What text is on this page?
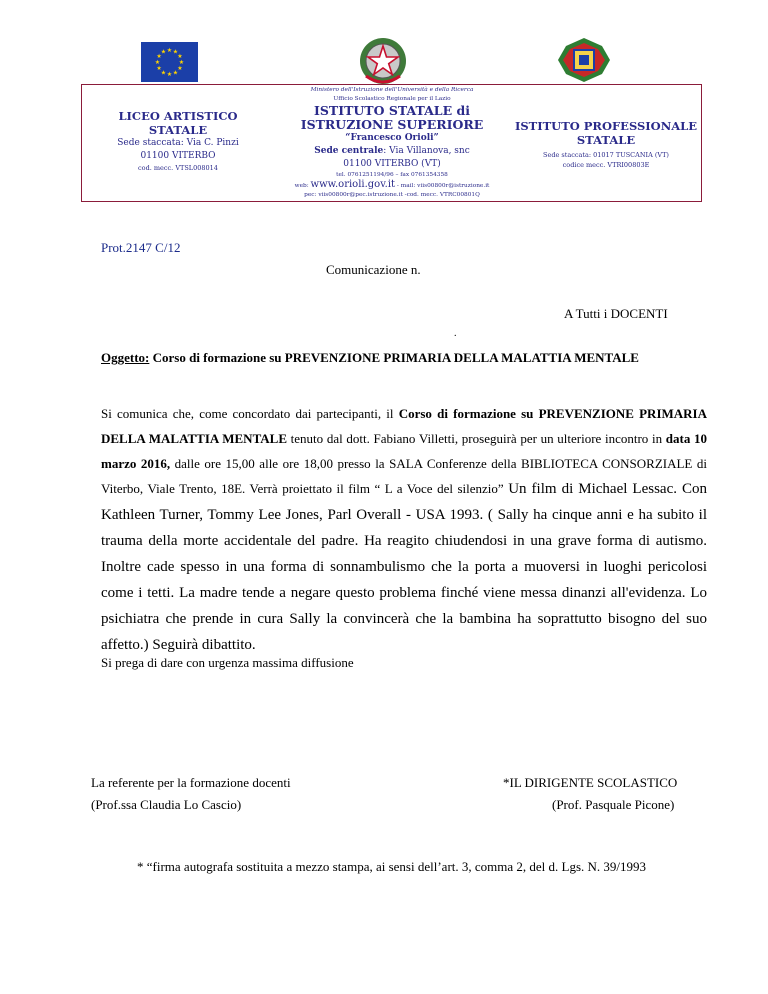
★ ★
★
★
★
★
★
★
★
★
★
★
LICEO ARTISTICO STATALE
Sede staccata: Via C. Pinzi
01100 VITERBO
cod. mecc. VTSL008014
Ministero dell'Istruzione dell'Università e della Ricerca
Ufficio Scolastico Regionale per il Lazio
ISTITUTO STATALE di
ISTRUZIONE SUPERIORE
“Francesco Orioli”
Sede centrale: Via Villanova, snc
01100 VITERBO (VT)
tel. 0761251194/96 – fax 0761354358
web: www.orioli.gov.it - mail: viis00800r@istruzione.it
pec: viis00800r@pec.istruzione.it -cod. mecc. VTRC00801Q
ISTITUTO PROFESSIONALE
STATALE
Sede staccata: 01017 TUSCANIA (VT)
codice mecc. VTRI00803E
Prot.2147 C/12
Comunicazione n.
A Tutti i DOCENTI
.
Oggetto: Corso di formazione su PREVENZIONE PRIMARIA DELLA MALATTIA MENTALE
Si comunica che, come concordato dai partecipanti, il Corso di formazione su PREVENZIONE PRIMARIA DELLA MALATTIA MENTALE tenuto dal dott. Fabiano Villetti, proseguirà per un ulteriore incontro in data 10 marzo 2016, dalle ore 15,00 alle ore 18,00 presso la SALA Conferenze della BIBLIOTECA CONSORZIALE di Viterbo, Viale Trento, 18E. Verrà proiettato il film “ L a Voce del silenzio” Un film di Michael Lessac. Con Kathleen Turner, Tommy Lee Jones, Parl Overall - USA 1993. ( Sally ha cinque anni e ha subito il trauma della morte accidentale del padre. Ha reagito chiudendosi in una grave forma di autismo. Inoltre cade spesso in una forma di sonnambulismo che la porta a muoversi in luoghi pericolosi come i tetti. La madre tende a negare questo problema finché viene messa dinanzi all'evidenza. Lo psichiatra che prende in cura Sally la convincerà che la bambina ha soprattutto bisogno del suo affetto.) Seguirà dibattito.
Si prega di dare con urgenza massima diffusione
La referente per la formazione docenti
(Prof.ssa Claudia Lo Cascio)
*IL DIRIGENTE SCOLASTICO
(Prof. Pasquale Picone)
* “firma autografa sostituita a mezzo stampa, ai sensi dell’art. 3, comma 2, del d. Lgs. N. 39/1993
